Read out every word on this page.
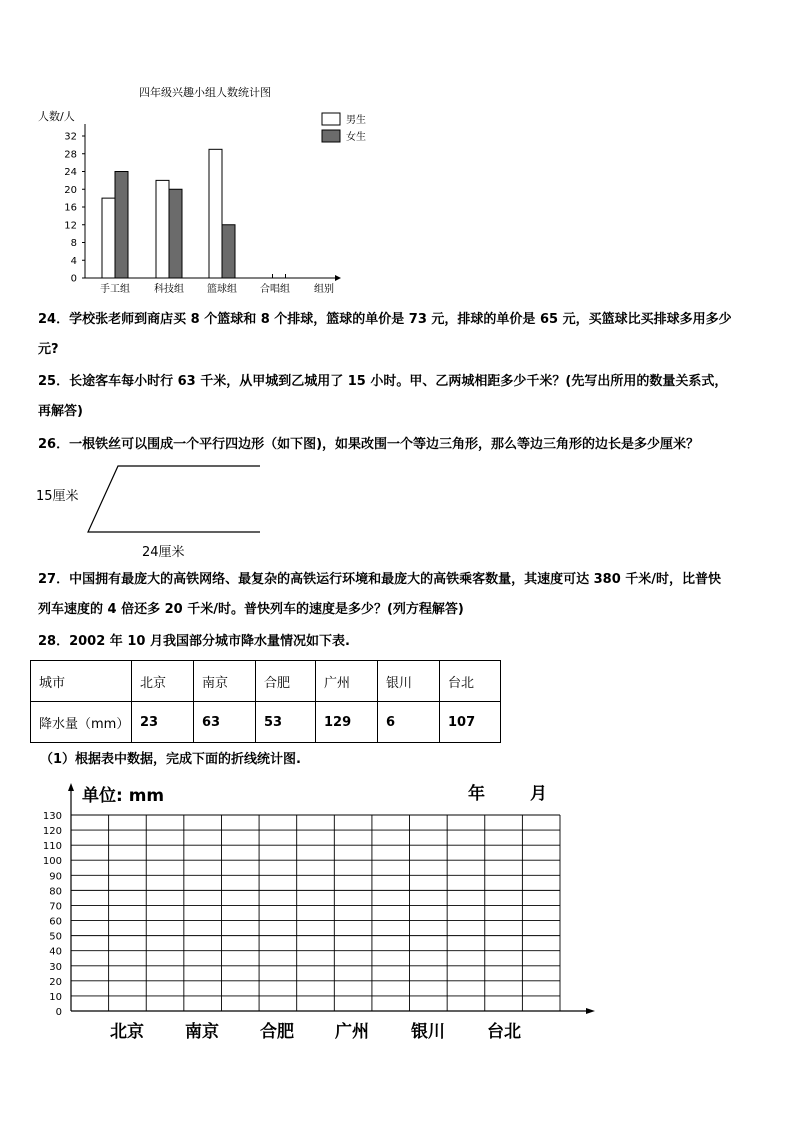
四年级兴趣小组人数统计图
人数/人
32
28
24
20
16
12
8
4
0
手工组 科技组 篮球组 合唱组 组别
男生
女生
24．学校张老师到商店买 8 个篮球和 8 个排球，篮球的单价是 73 元，排球的单价是 65 元，买篮球比买排球多用多少
元?
25．长途客车每小时行 63 千米，从甲城到乙城用了 15 小时。甲、乙两城相距多少千米？(先写出所用的数量关系式，
再解答)
26．一根铁丝可以围成一个平行四边形（如下图)，如果改围一个等边三角形，那么等边三角形的边长是多少厘米？
15厘米
24厘米
27．中国拥有最庞大的高铁网络、最复杂的高铁运行环境和最庞大的高铁乘客数量，其速度可达 380 千米/时，比普快
列车速度的 4 倍还多 20 千米/时。普快列车的速度是多少？(列方程解答)
28．2002 年 10 月我国部分城市降水量情况如下表.
城市	北京	南京	合肥	广州	银川	台北
降水量（mm）	23	63	53	129	6	107
（1）根据表中数据，完成下面的折线统计图.
单位: mm	年	月
130
120
110
100
90
80
70
60
50
40
30
20
10
0
北京 南京 合肥 广州 银川 台北
